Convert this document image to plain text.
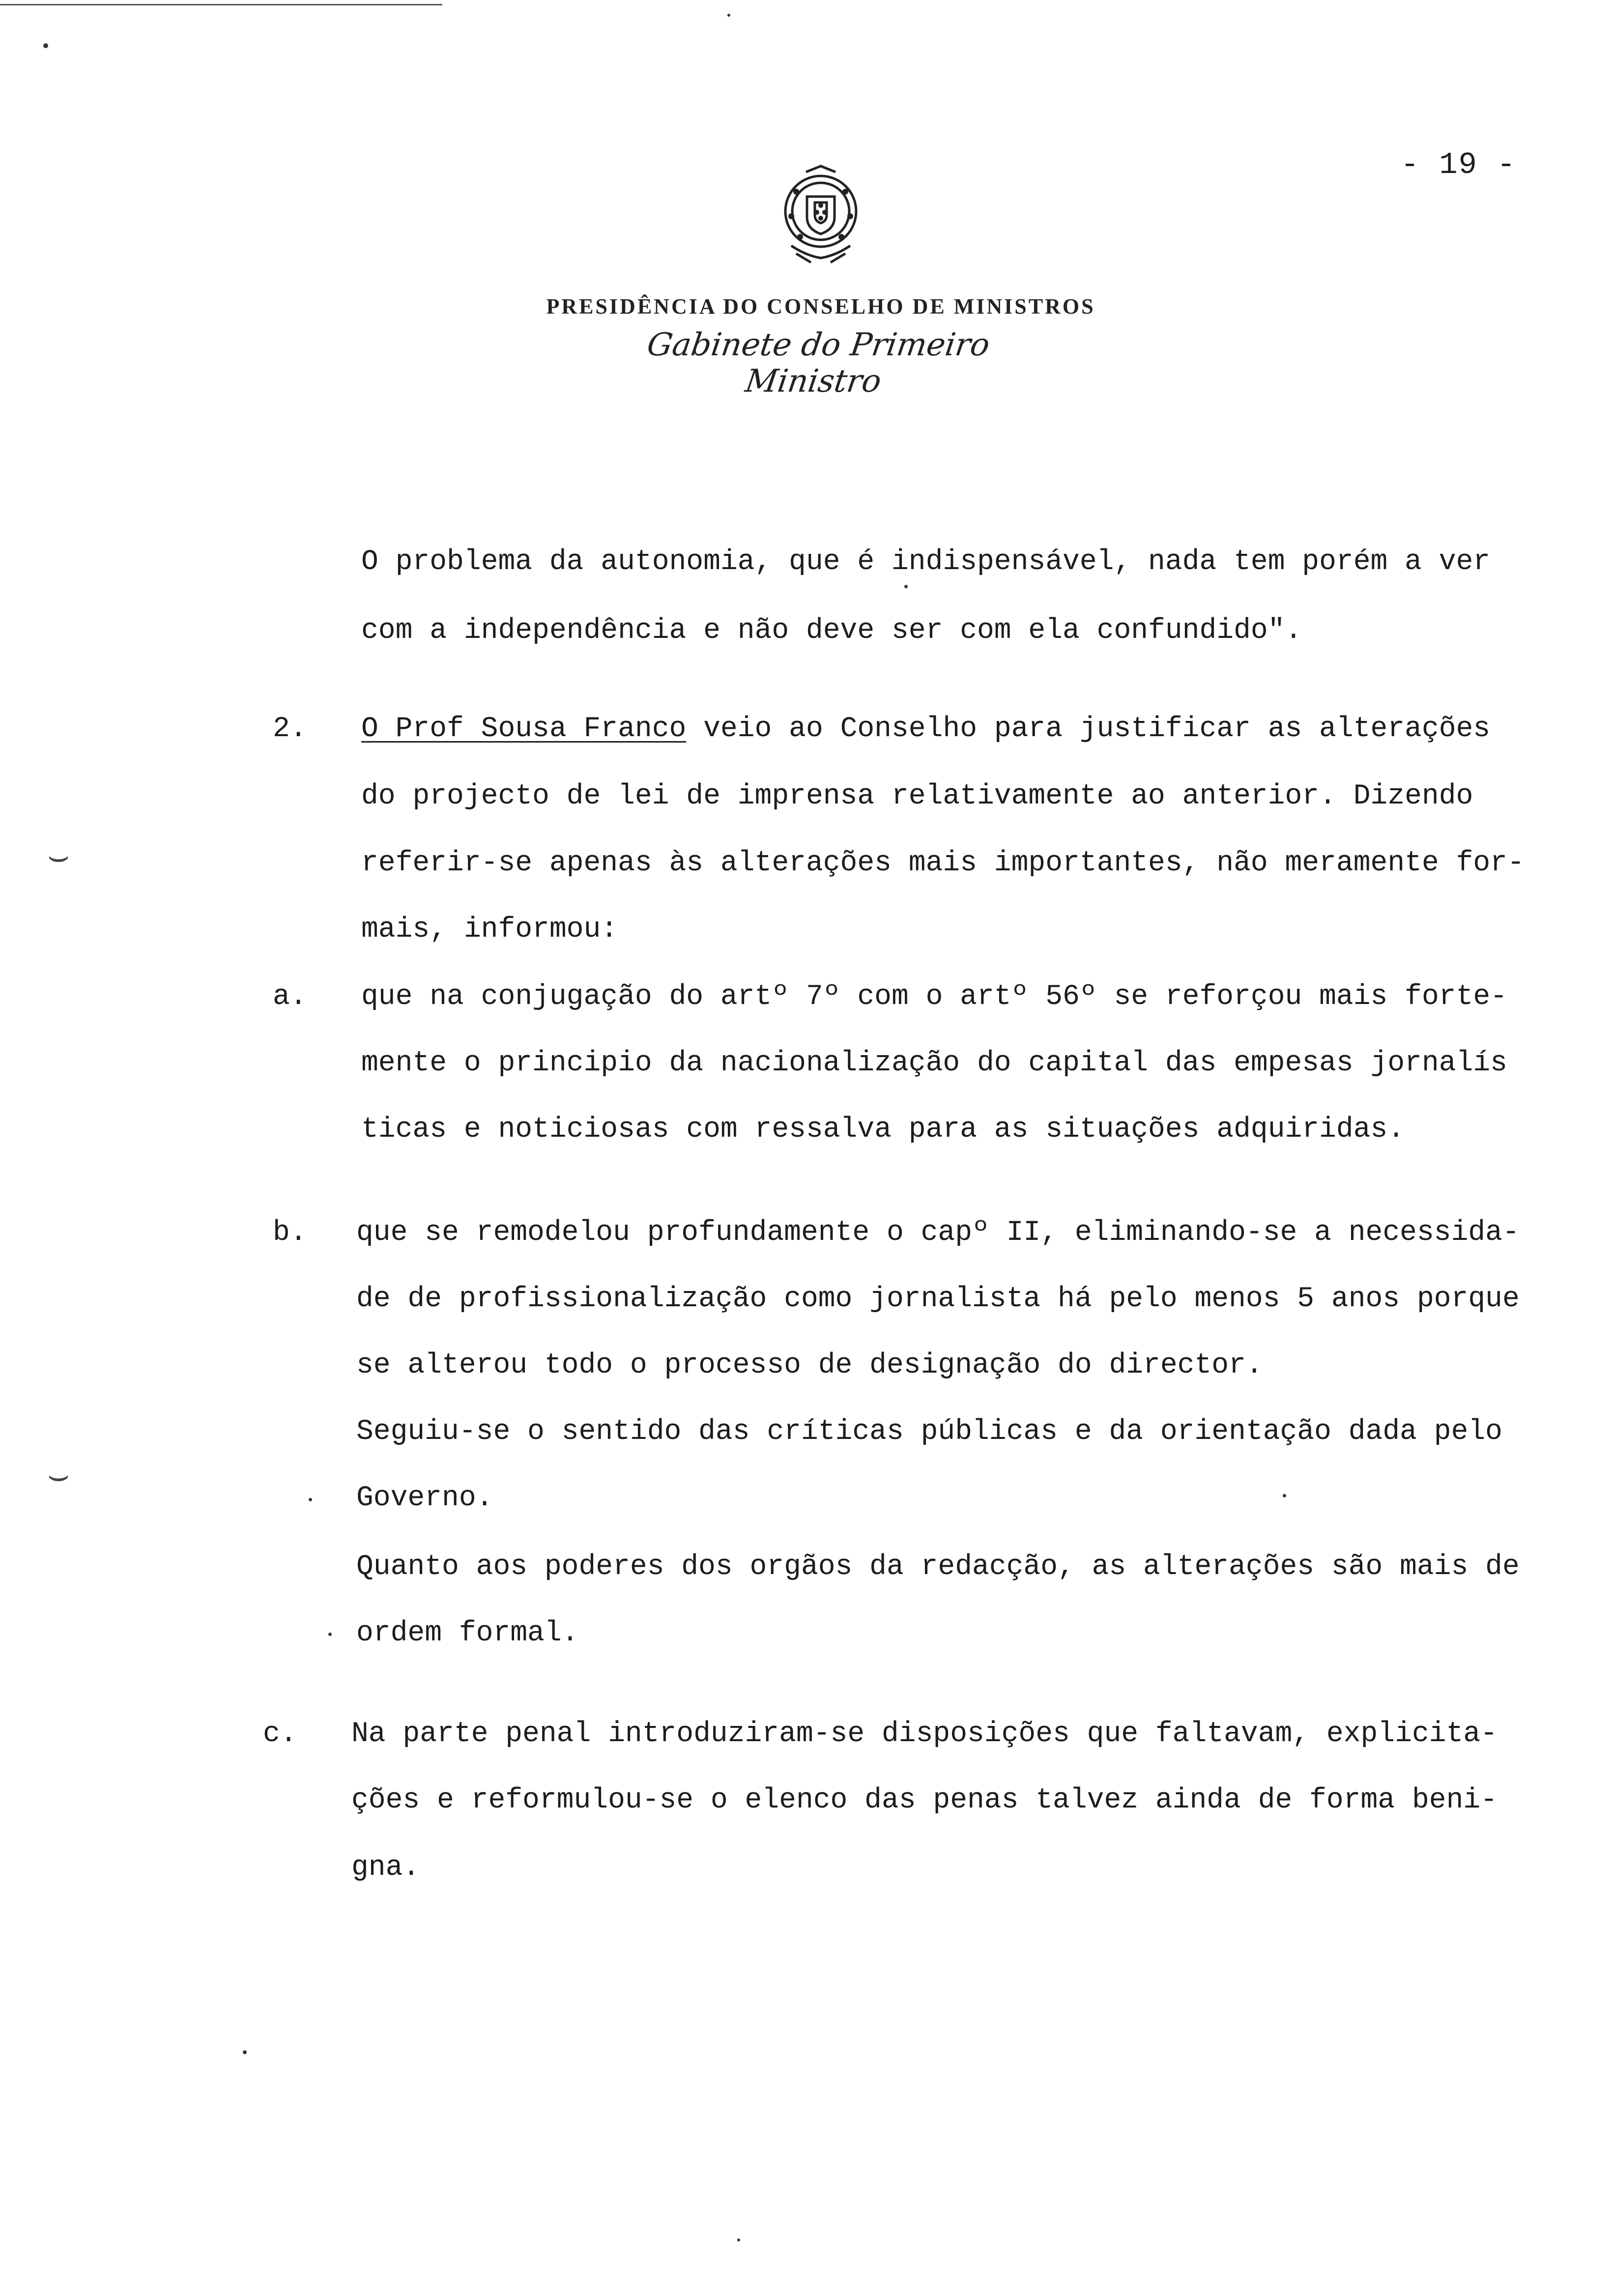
⌣
⌣
- 19 -
PRESIDÊNCIA DO CONSELHO DE MINISTROS
Gabinete do Primeiro Ministro
O problema da autonomia, que é indispensável, nada tem porém a ver
com a independência e não deve ser com ela confundido".
2. O Prof Sousa Franco veio ao Conselho para justificar as alterações
do projecto de lei de imprensa relativamente ao anterior. Dizendo
referir-se apenas às alterações mais importantes, não meramente for-
mais, informou:
a. que na conjugação do artº 7º com o artº 56º se reforçou mais forte-
mente o principio da nacionalização do capital das empesas jornalís
ticas e noticiosas com ressalva para as situações adquiridas.
b. que se remodelou profundamente o capº II, eliminando-se a necessida-
de de profissionalização como jornalista há pelo menos 5 anos porque
se alterou todo o processo de designação do director.
Seguiu-se o sentido das críticas públicas e da orientação dada pelo
Governo.
Quanto aos poderes dos orgãos da redacção, as alterações são mais de
ordem formal.
c. Na parte penal introduziram-se disposições que faltavam, explicita-
ções e reformulou-se o elenco das penas talvez ainda de forma beni-
gna.
